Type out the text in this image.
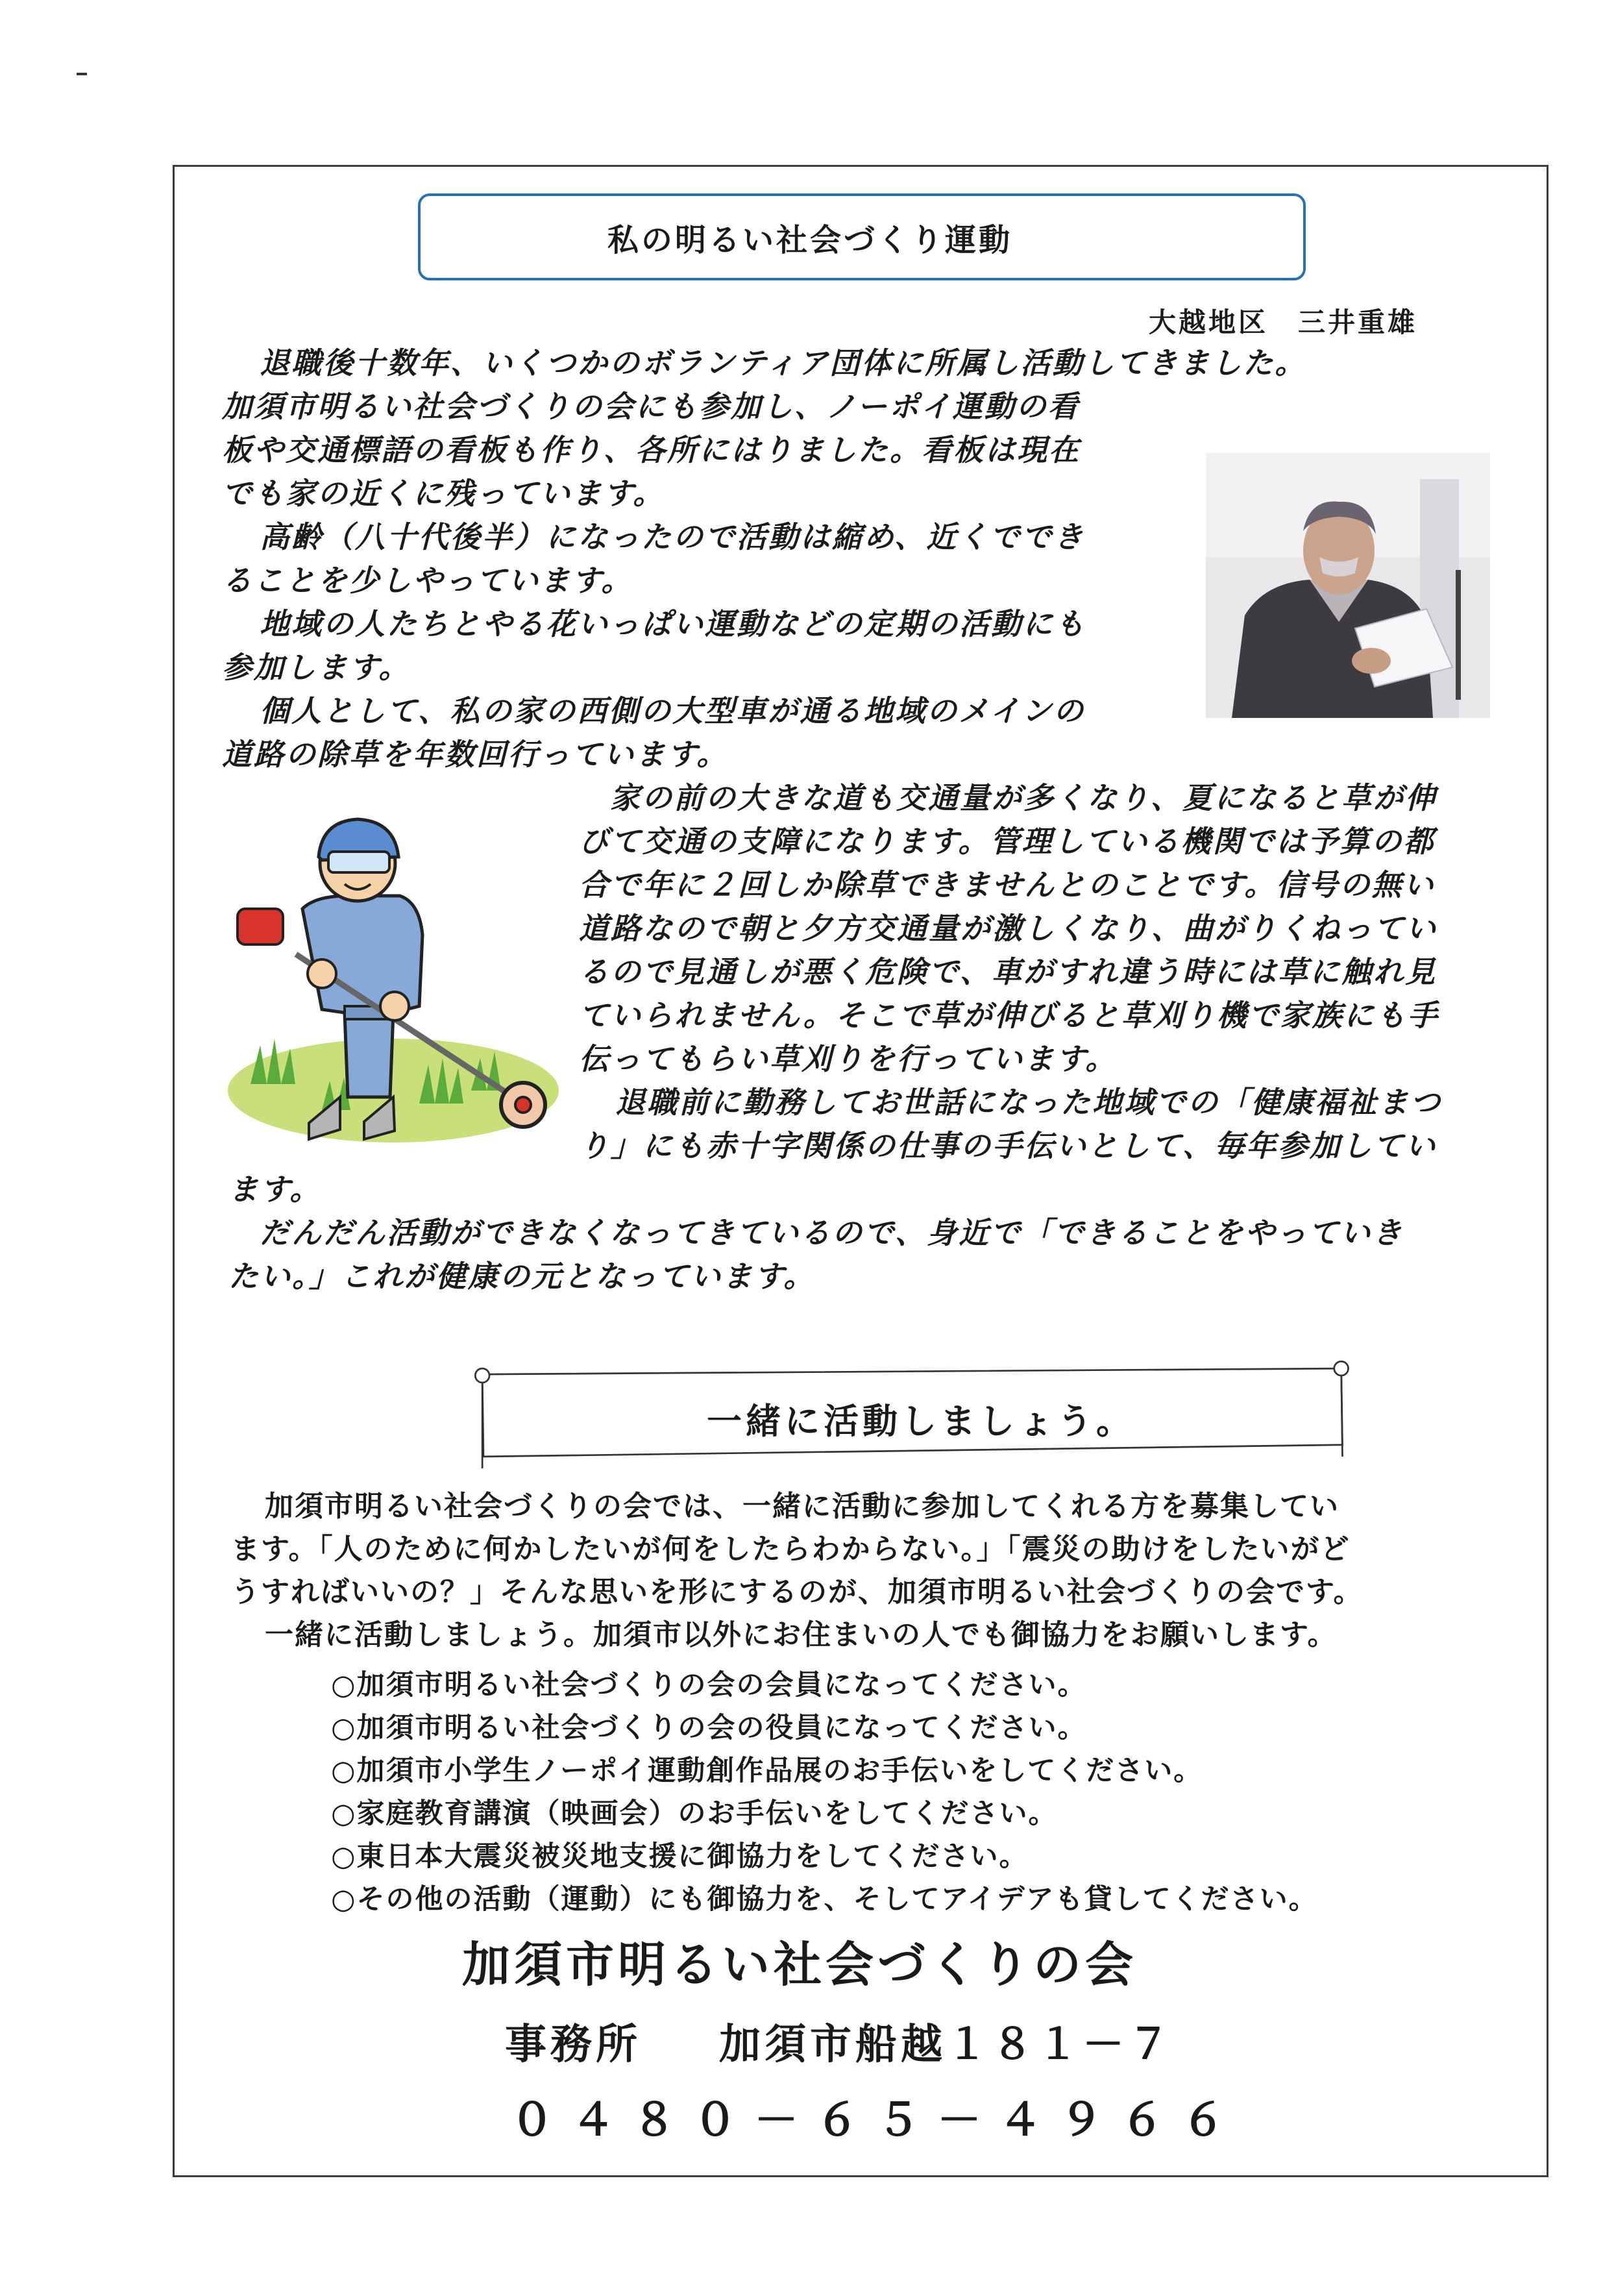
私の明るい社会づくり運動
大越地区　三井重雄
退職後十数年、いくつかのボランティア団体に所属し活動してきました。
加須市明るい社会づくりの会にも参加し、ノーポイ運動の看
板や交通標語の看板も作り、各所にはりました。看板は現在
でも家の近くに残っています。
高齢（八十代後半）になったので活動は縮め、近くででき
ることを少しやっています。
地域の人たちとやる花いっぱい運動などの定期の活動にも
参加します。
個人として、私の家の西側の大型車が通る地域のメインの
道路の除草を年数回行っています。
家の前の大きな道も交通量が多くなり、夏になると草が伸
びて交通の支障になります。管理している機関では予算の都
合で年に２回しか除草できませんとのことです。信号の無い
道路なので朝と夕方交通量が激しくなり、曲がりくねってい
るので見通しが悪く危険で、車がすれ違う時には草に触れ見
ていられません。そこで草が伸びると草刈り機で家族にも手
伝ってもらい草刈りを行っています。
退職前に勤務してお世話になった地域での「健康福祉まつ
り」にも赤十字関係の仕事の手伝いとして、毎年参加してい
ます。
だんだん活動ができなくなってきているので、身近で「できることをやっていき
たい。」これが健康の元となっています。
一緒に活動しましょう。
加須市明るい社会づくりの会では、一緒に活動に参加してくれる方を募集してい
ます。「人のために何かしたいが何をしたらわからない。」「震災の助けをしたいがど
うすればいいの？」そんな思いを形にするのが、加須市明るい社会づくりの会です。
一緒に活動しましょう。加須市以外にお住まいの人でも御協力をお願いします。
○加須市明るい社会づくりの会の会員になってください。
○加須市明るい社会づくりの会の役員になってください。
○加須市小学生ノーポイ運動創作品展のお手伝いをしてください。
○家庭教育講演（映画会）のお手伝いをしてください。
○東日本大震災被災地支援に御協力をしてください。
○その他の活動（運動）にも御協力を、そしてアイデアも貸してください。
加須市明るい社会づくりの会
事務所 加須市船越１８１－７
０４８０－６５－４９６６
